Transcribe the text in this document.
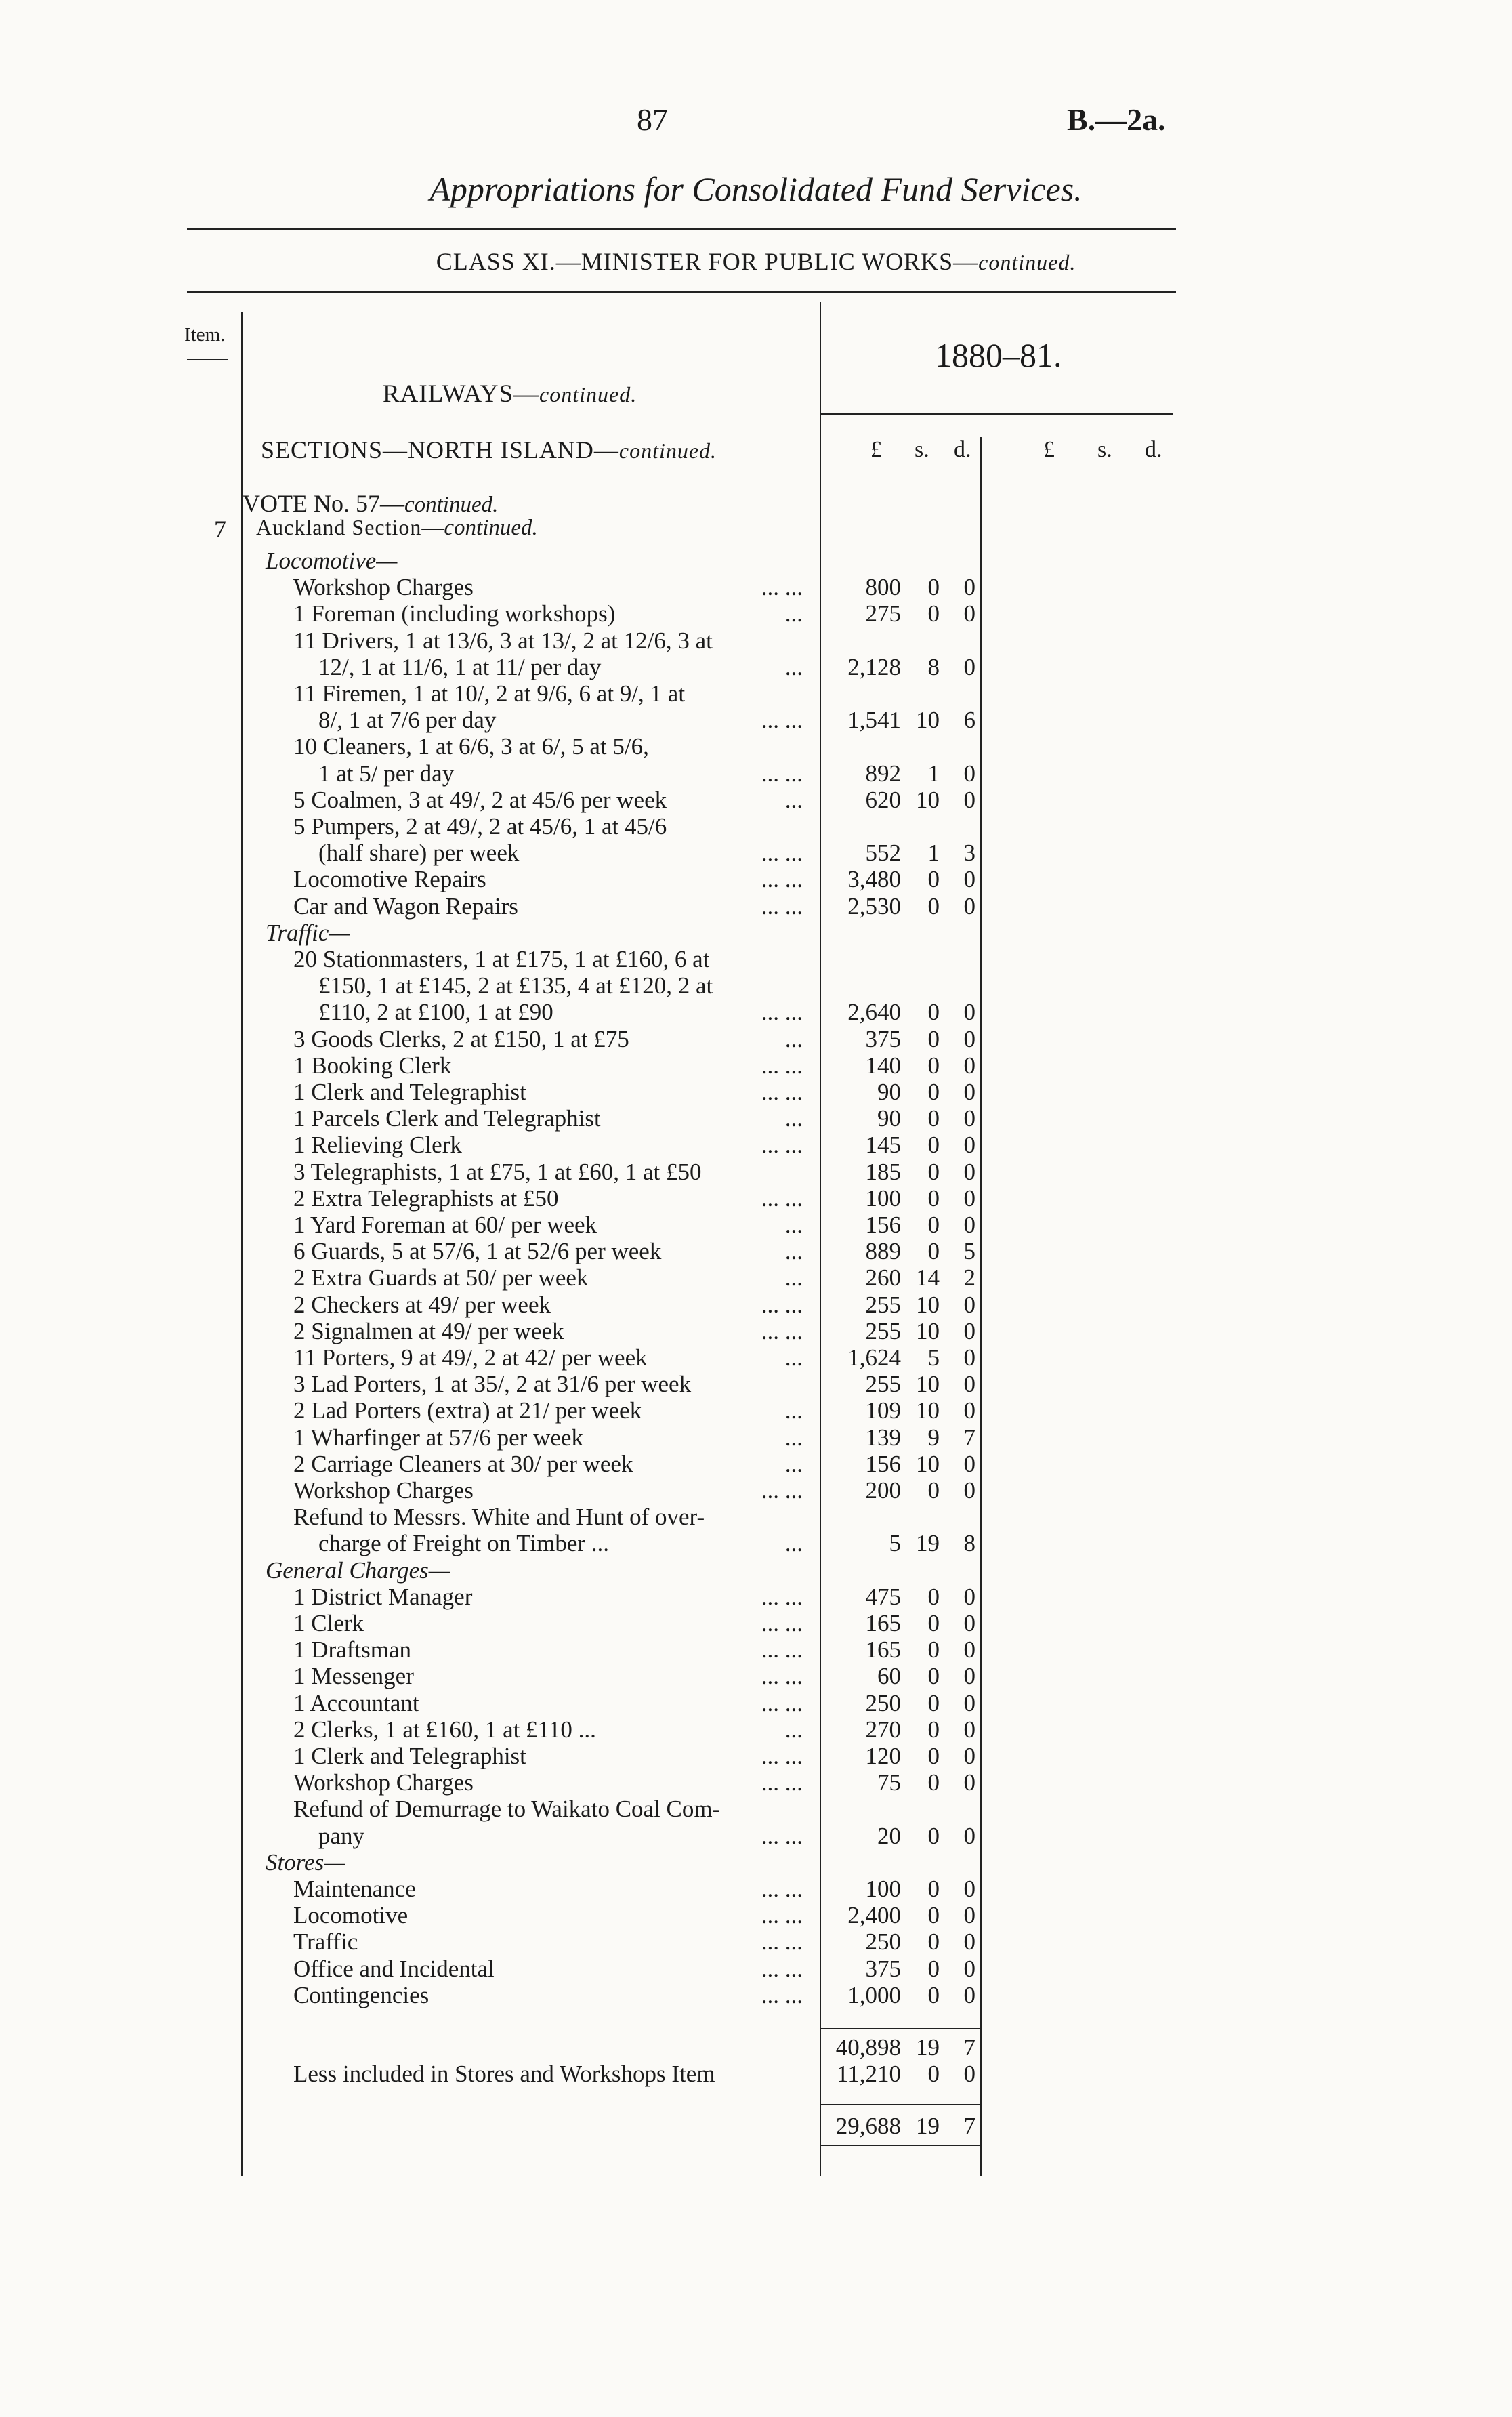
87	B.—2a.
Appropriations for Consolidated Fund Services.
CLASS XI.—MINISTER FOR PUBLIC WORKS—continued.
Item.
1880–81.
RAILWAYS—continued.
SECTIONS—NORTH ISLAND—continued.	£ s. d.	£ s. d.
VOTE No. 57—continued.
7 Auckland Section—continued.
Locomotive—
Workshop Charges	... ...	800	0	0
1 Foreman (including workshops)	...	275	0	0
11 Drivers, 1 at 13/6, 3 at 13/, 2 at 12/6, 3 at
12/, 1 at 11/6, 1 at 11/ per day	...	2,128	8	0
11 Firemen, 1 at 10/, 2 at 9/6, 6 at 9/, 1 at
8/, 1 at 7/6 per day	... ...	1,541 10	6
10 Cleaners, 1 at 6/6, 3 at 6/, 5 at 5/6,
1 at 5/ per day	... ...	892	1	0
5 Coalmen, 3 at 49/, 2 at 45/6 per week	...	620 10	0
5 Pumpers, 2 at 49/, 2 at 45/6, 1 at 45/6
(half share) per week	... ...	552	1	3
Locomotive Repairs	... ...	3,480	0	0
Car and Wagon Repairs	... ...	2,530	0	0
Traffic—
20 Stationmasters, 1 at £175, 1 at £160, 6 at
£150, 1 at £145, 2 at £135, 4 at £120, 2 at
£110, 2 at £100, 1 at £90	... ...	2,640	0	0
3 Goods Clerks, 2 at £150, 1 at £75	...	375	0	0
1 Booking Clerk	... ...	140	0	0
1 Clerk and Telegraphist	... ...	90	0	0
1 Parcels Clerk and Telegraphist	...	90	0	0
1 Relieving Clerk	... ...	145	0	0
3 Telegraphists, 1 at £75, 1 at £60, 1 at £50	185	0	0
2 Extra Telegraphists at £50	... ...	100	0	0
1 Yard Foreman at 60/ per week	...	156	0	0
6 Guards, 5 at 57/6, 1 at 52/6 per week	...	889	0	5
2 Extra Guards at 50/ per week	...	260 14	2
2 Checkers at 49/ per week	... ...	255 10	0
2 Signalmen at 49/ per week	... ...	255 10	0
11 Porters, 9 at 49/, 2 at 42/ per week	...	1,624	5	0
3 Lad Porters, 1 at 35/, 2 at 31/6 per week	255 10	0
2 Lad Porters (extra) at 21/ per week	...	109 10	0
1 Wharfinger at 57/6 per week	...	139	9	7
2 Carriage Cleaners at 30/ per week	...	156 10	0
Workshop Charges	... ...	200	0	0
Refund to Messrs. White and Hunt of over-
charge of Freight on Timber ...	...	5 19	8
General Charges—
1 District Manager	... ...	475	0	0
1 Clerk	... ...	165	0	0
1 Draftsman	... ...	165	0	0
1 Messenger	... ...	60	0	0
1 Accountant	... ...	250	0	0
2 Clerks, 1 at £160, 1 at £110 ...	...	270	0	0
1 Clerk and Telegraphist	... ...	120	0	0
Workshop Charges	... ...	75	0	0
Refund of Demurrage to Waikato Coal Com-
pany	... ...	20	0	0
Stores—
Maintenance	... ...	100	0	0
Locomotive	... ...	2,400	0	0
Traffic	... ...	250	0	0
Office and Incidental	... ...	375	0	0
Contingencies	... ...	1,000	0	0
40,898 19	7
Less included in Stores and Workshops Item	11,210	0	0
29,688 19	7
